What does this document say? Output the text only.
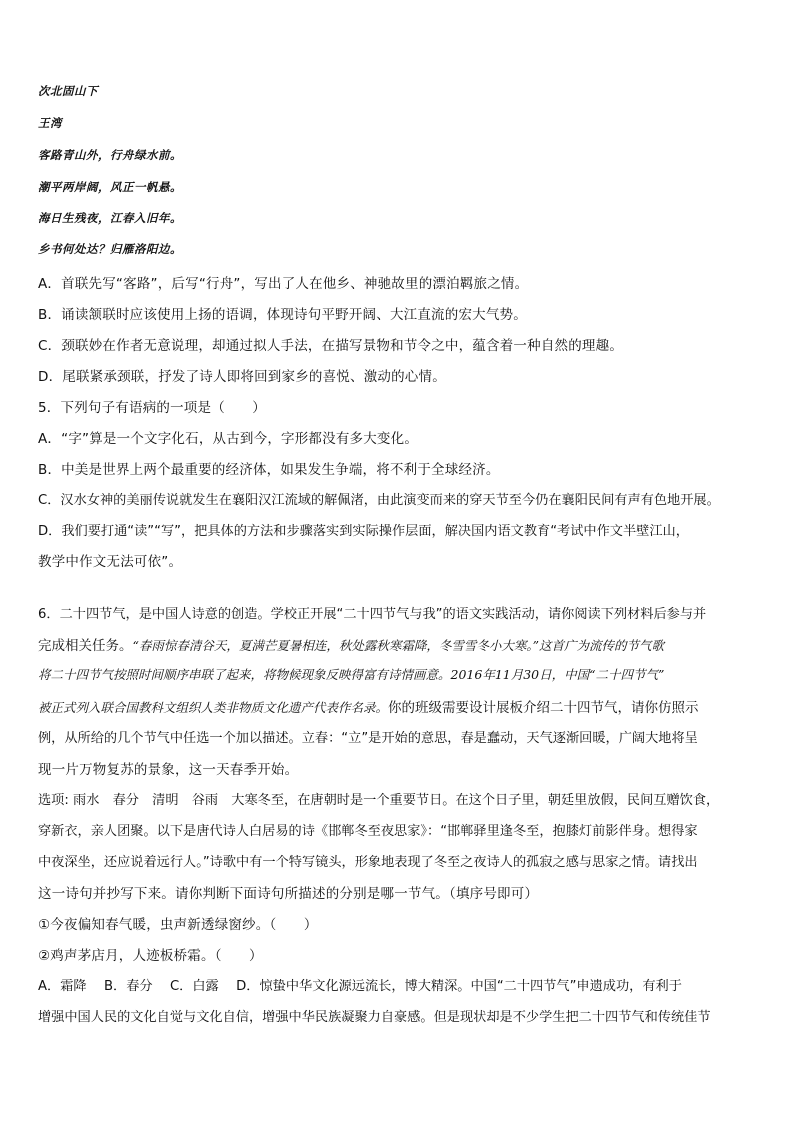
次北固山下
王湾
客路青山外，行舟绿水前。
潮平两岸阔，风正一帆悬。
海日生残夜，江春入旧年。
乡书何处达？归雁洛阳边。
A．首联先写“客路”，后写“行舟”，写出了人在他乡、神驰故里的漂泊羁旅之情。
B．诵读颔联时应该使用上扬的语调，体现诗句平野开阔、大江直流的宏大气势。
C．颈联妙在作者无意说理，却通过拟人手法，在描写景物和节令之中，蕴含着一种自然的理趣。
D．尾联紧承颈联，抒发了诗人即将回到家乡的喜悦、激动的心情。
5．下列句子有语病的一项是（　　）
A．“字”算是一个文字化石，从古到今，字形都没有多大变化。
B．中美是世界上两个最重要的经济体，如果发生争端，将不利于全球经济。
C．汉水女神的美丽传说就发生在襄阳汉江流域的解佩渚，由此演变而来的穿天节至今仍在襄阳民间有声有色地开展。
D．我们要打通“读”“写”，把具体的方法和步骤落实到实际操作层面，解决国内语文教育“考试中作文半壁江山，
教学中作文无法可依”。
6．二十四节气，是中国人诗意的创造。学校正开展“二十四节气与我”的语文实践活动，请你阅读下列材料后参与并
完成相关任务。“春雨惊春清谷天，夏满芒夏暑相连，秋处露秋寒霜降，冬雪雪冬小大寒。”这首广为流传的节气歌
将二十四节气按照时间顺序串联了起来，将物候现象反映得富有诗情画意。2016年11月30日，中国“二十四节气”
被正式列入联合国教科文组织人类非物质文化遗产代表作名录。你的班级需要设计展板介绍二十四节气，请你仿照示
例，从所给的几个节气中任选一个加以描述。立春：“立”是开始的意思，春是蠢动，天气逐渐回暖，广阔大地将呈
现一片万物复苏的景象，这一天春季开始。
选项: 雨水　春分　清明　谷雨　大寒冬至，在唐朝时是一个重要节日。在这个日子里，朝廷里放假，民间互赠饮食，
穿新衣，亲人团聚。以下是唐代诗人白居易的诗《邯郸冬至夜思家》：“邯郸驿里逢冬至，抱膝灯前影伴身。想得家
中夜深坐，还应说着远行人。”诗歌中有一个特写镜头，形象地表现了冬至之夜诗人的孤寂之感与思家之情。请找出
这一诗句并抄写下来。请你判断下面诗句所描述的分别是哪一节气。（填序号即可）
①今夜偏知春气暖，虫声新透绿窗纱。（　　）
②鸡声茅店月，人迹板桥霜。（　　）
A．霜降　 B．春分　 C．白露　 D．惊蛰中华文化源远流长，博大精深。中国“二十四节气”申遗成功，有利于
增强中国人民的文化自觉与文化自信，增强中华民族凝聚力自豪感。但是现状却是不少学生把二十四节气和传统佳节
